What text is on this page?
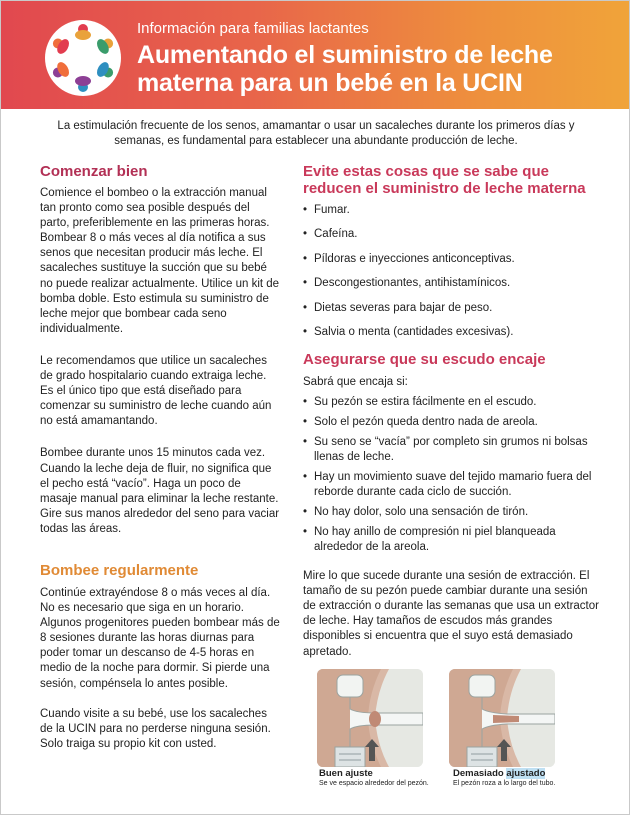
Información para familias lactantes
Aumentando el suministro de leche materna para un bebé en la UCIN
La estimulación frecuente de los senos, amamantar o usar un sacaleches durante los primeros días y semanas, es fundamental para establecer una abundante producción de leche.
Comenzar bien

Comience el bombeo o la extracción manual tan pronto como sea posible después del parto, preferiblemente en las primeras horas. Bombear 8 o más veces al día notifica a sus senos que necesitan producir más leche. El sacaleches sustituye la succión que su bebé no puede realizar actualmente. Utilice un kit de bomba doble. Esto estimula su suministro de leche mejor que bombear cada seno individualmente.

Le recomendamos que utilice un sacaleches de grado hospitalario cuando extraiga leche. Es el único tipo que está diseñado para comenzar su suministro de leche cuando aún no está amamantando.

Bombee durante unos 15 minutos cada vez. Cuando la leche deja de fluir, no significa que el pecho está “vacío”. Haga un poco de masaje manual para eliminar la leche restante. Gire sus manos alrededor del seno para vaciar todas las áreas.

Bombee regularmente

Continúe extrayéndose 8 o más veces al día. No es necesario que siga en un horario. Algunos progenitores pueden bombear más de 8 sesiones durante las horas diurnas para poder tomar un descanso de 4-5 horas en medio de la noche para dormir. Si pierde una sesión, compénsela lo antes posible.

Cuando visite a su bebé, use los sacaleches de la UCIN para no perderse ninguna sesión. Solo traiga su propio kit con usted.

Evite estas cosas que se sabe que reducen el suministro de leche materna
• Fumar.
• Cafeína.
• Píldoras e inyecciones anticonceptivas.
• Descongestionantes, antihistamínicos.
• Dietas severas para bajar de peso.
• Salvia o menta (cantidades excesivas).
Asegurarse que su escudo encaje

Sabrá que encaja si:

• Su pezón se estira fácilmente en el escudo.
• Solo el pezón queda dentro nada de areola.
• Su seno se “vacía” por completo sin grumos ni bolsas llenas de leche.
• Hay un movimiento suave del tejido mamario fuera del reborde durante cada ciclo de succión.
• No hay dolor, solo una sensación de tirón.
• No hay anillo de compresión ni piel blanqueada alrededor de la areola.

Mire lo que sucede durante una sesión de extracción. El tamaño de su pezón puede cambiar durante una sesión de extracción o durante las semanas que usa un extractor de leche. Hay tamaños de escudos más grandes disponibles si encuentra que el suyo está demasiado apretado.

Buen ajuste
Se ve espacio alrededor del pezón.
Demasiado ajustado
El pezón roza a lo largo del tubo.
